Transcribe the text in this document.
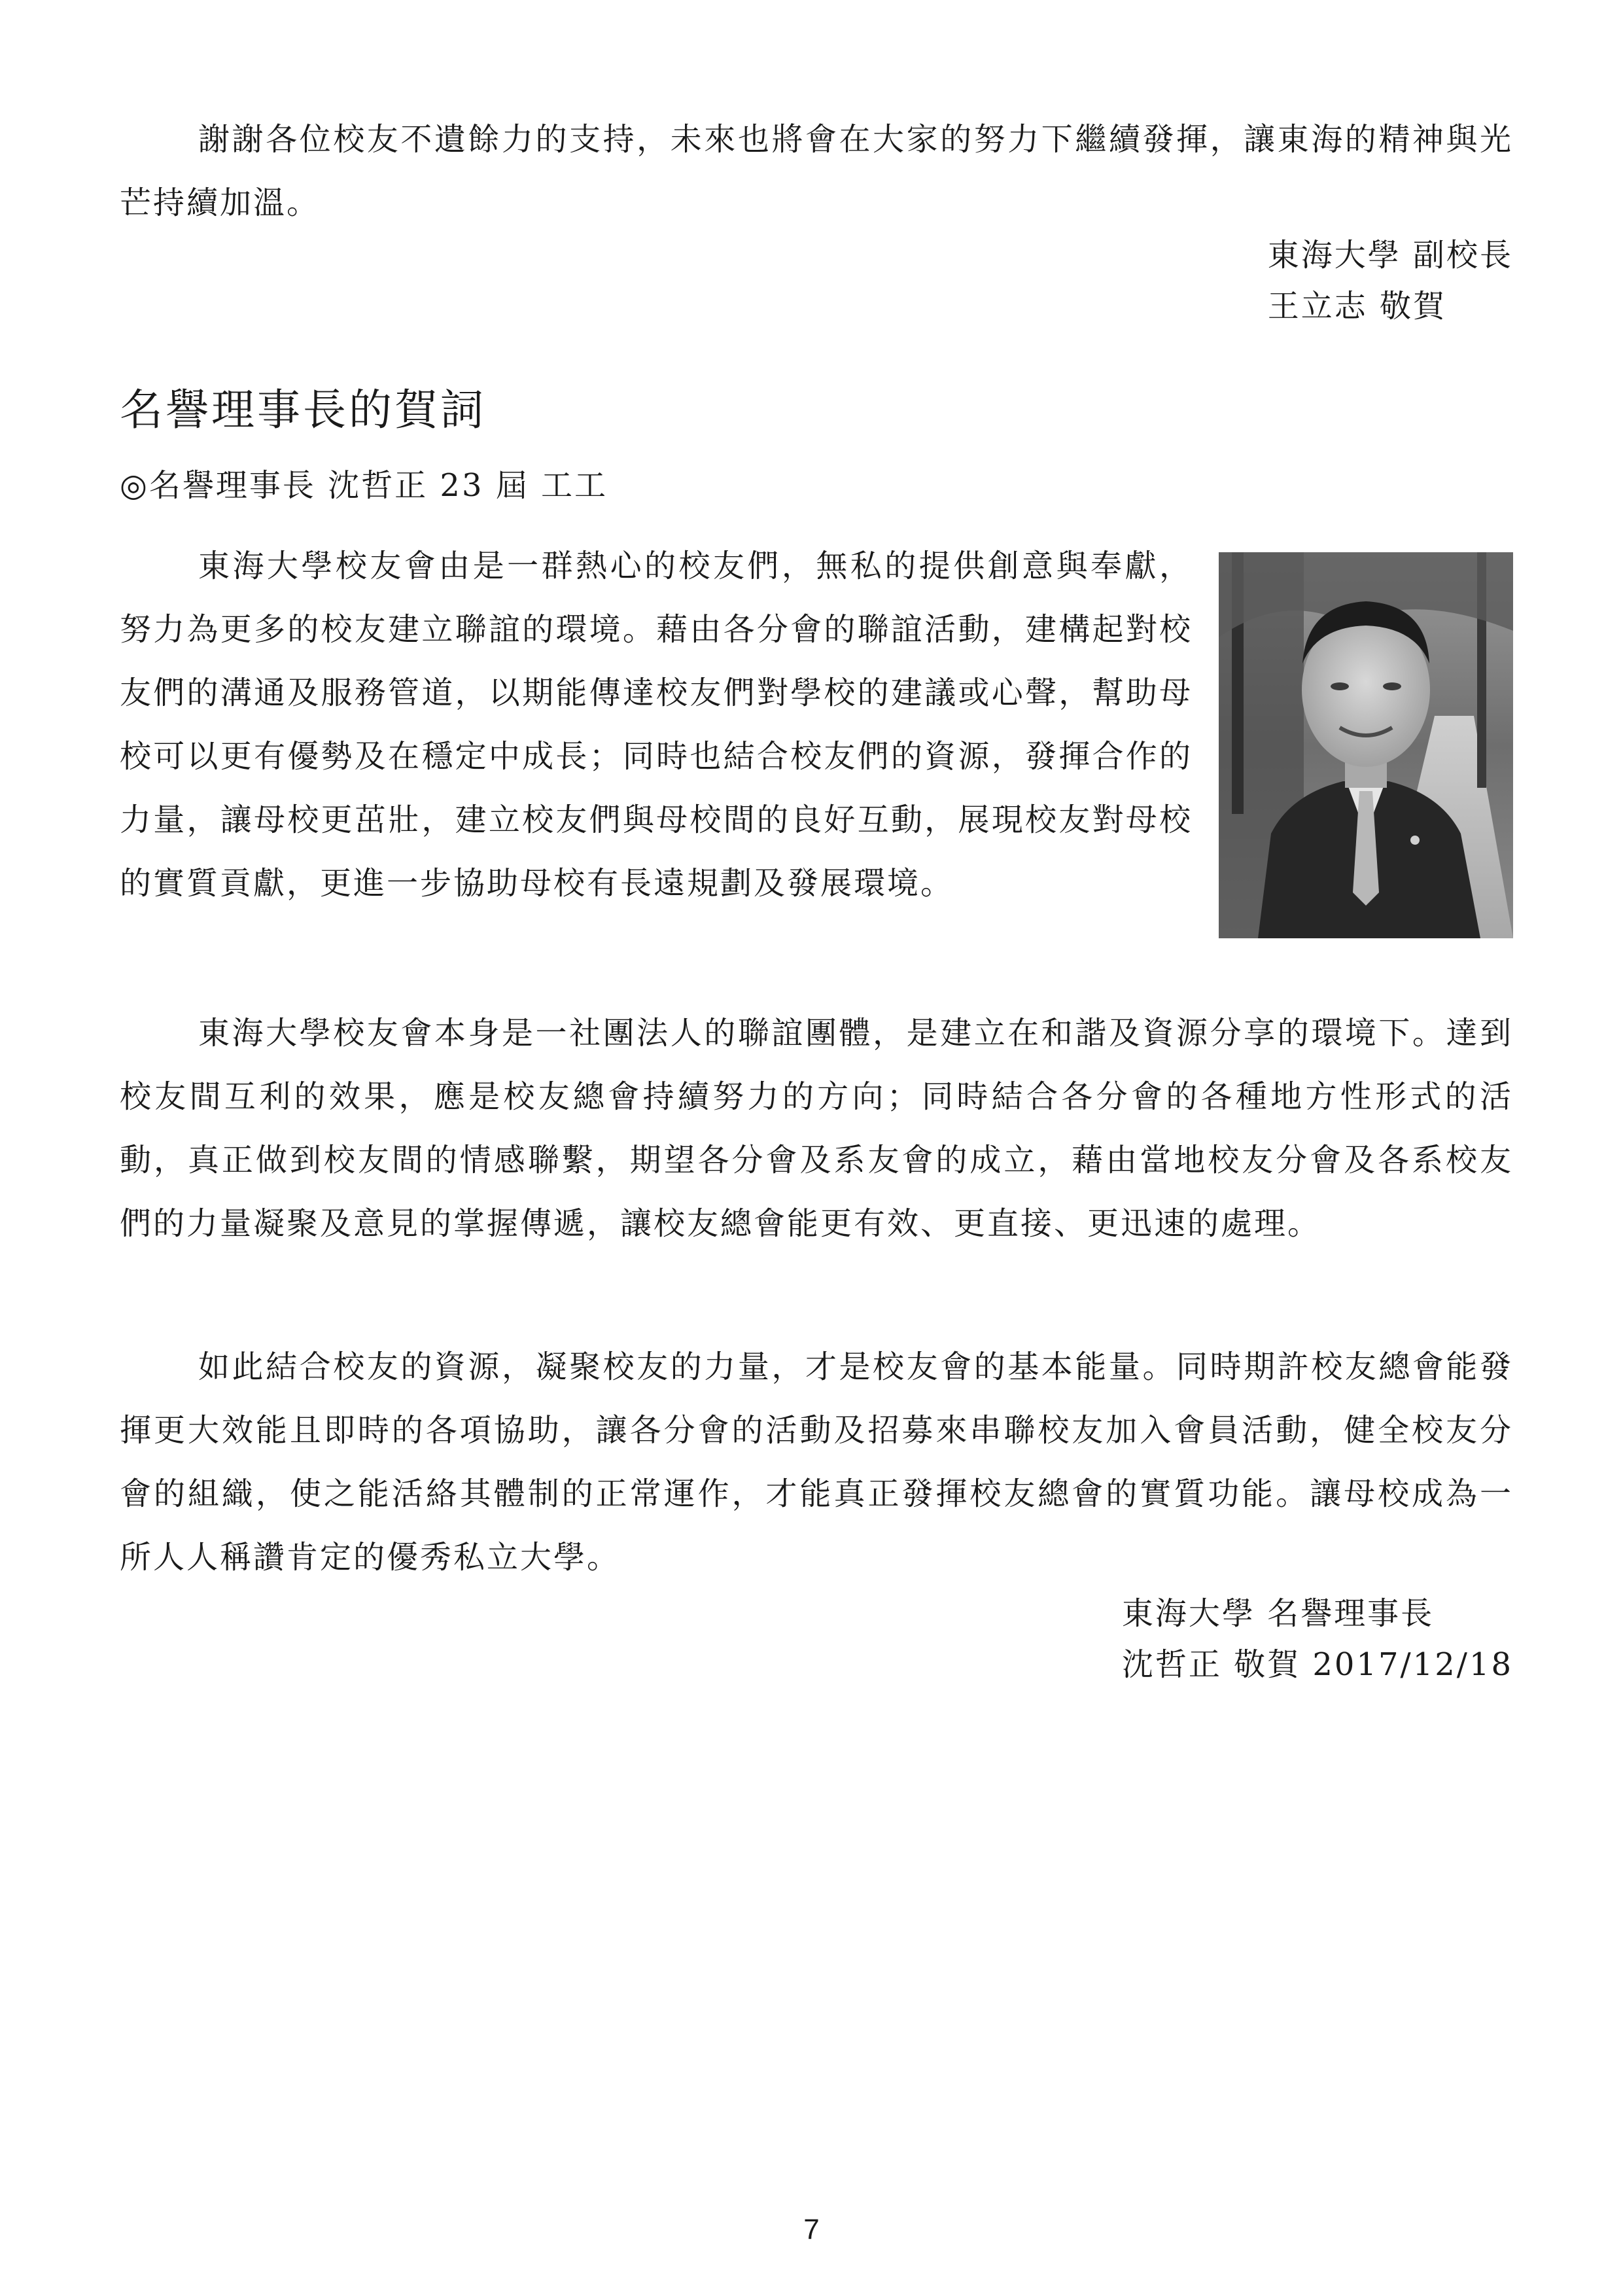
謝謝各位校友不遺餘力的支持，未來也將會在大家的努力下繼續發揮，讓東海的精神與光芒持續加溫。

東海大學 副校長
王立志 敬賀
名譽理事長的賀詞
◎名譽理事長 沈哲正 23 屆 工工

東海大學校友會由是一群熱心的校友們，無私的提供創意與奉獻，努力為更多的校友建立聯誼的環境。藉由各分會的聯誼活動，建構起對校友們的溝通及服務管道，以期能傳達校友們對學校的建議或心聲，幫助母校可以更有優勢及在穩定中成長；同時也結合校友們的資源，發揮合作的力量，讓母校更茁壯，建立校友們與母校間的良好互動，展現校友對母校的實質貢獻，更進一步協助母校有長遠規劃及發展環境。

東海大學校友會本身是一社團法人的聯誼團體，是建立在和諧及資源分享的環境下。達到校友間互利的效果，應是校友總會持續努力的方向；同時結合各分會的各種地方性形式的活動，真正做到校友間的情感聯繫，期望各分會及系友會的成立，藉由當地校友分會及各系校友們的力量凝聚及意見的掌握傳遞，讓校友總會能更有效、更直接、更迅速的處理。

如此結合校友的資源，凝聚校友的力量，才是校友會的基本能量。同時期許校友總會能發揮更大效能且即時的各項協助，讓各分會的活動及招募來串聯校友加入會員活動，健全校友分會的組織，使之能活絡其體制的正常運作，才能真正發揮校友總會的實質功能。讓母校成為一所人人稱讚肯定的優秀私立大學。

東海大學 名譽理事長
沈哲正 敬賀 2017/12/18
7
